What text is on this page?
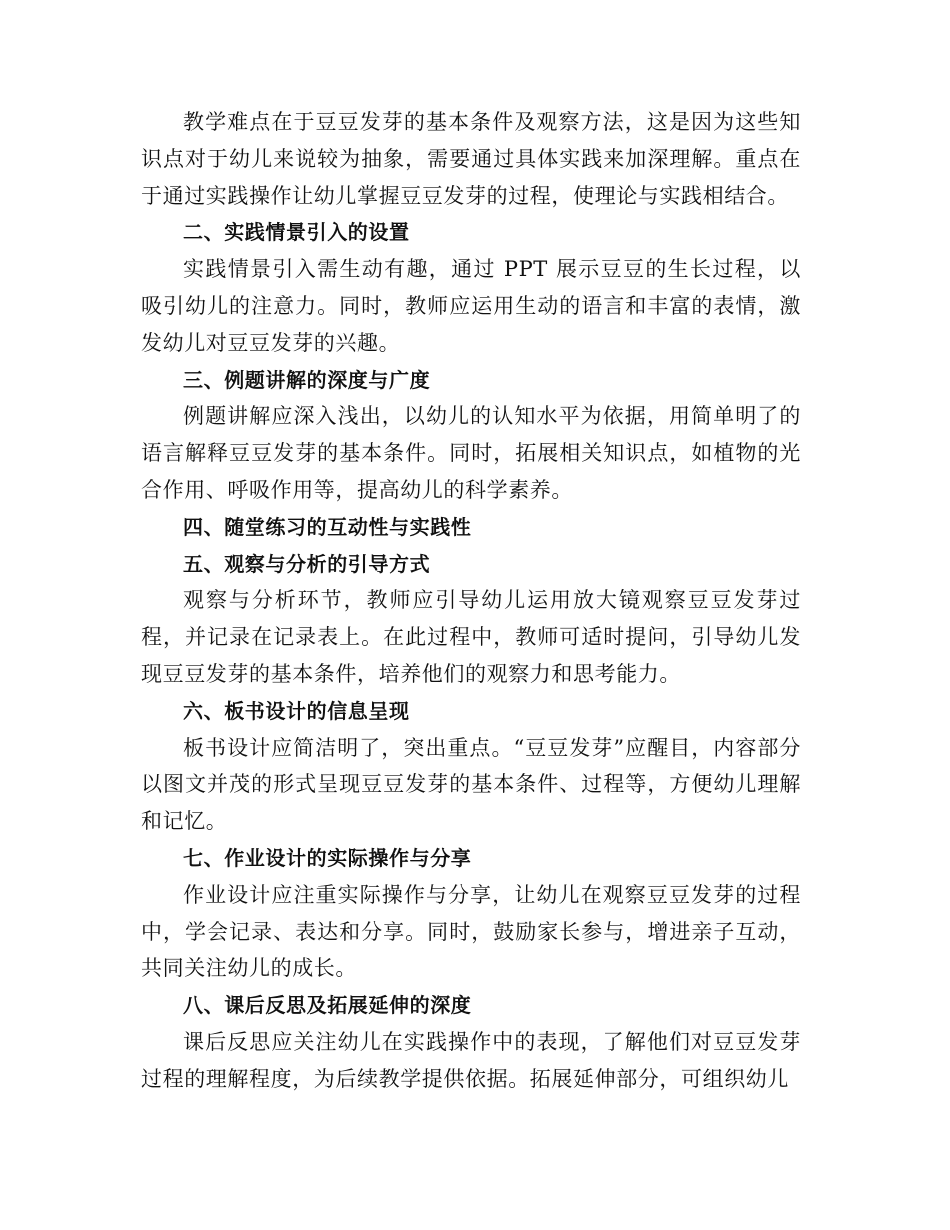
教学难点在于豆豆发芽的基本条件及观察方法，这是因为这些知识点对于幼儿来说较为抽象，需要通过具体实践来加深理解。重点在于通过实践操作让幼儿掌握豆豆发芽的过程，使理论与实践相结合。

二、实践情景引入的设置

实践情景引入需生动有趣，通过 PPT 展示豆豆的生长过程，以吸引幼儿的注意力。同时，教师应运用生动的语言和丰富的表情，激发幼儿对豆豆发芽的兴趣。

三、例题讲解的深度与广度

例题讲解应深入浅出，以幼儿的认知水平为依据，用简单明了的语言解释豆豆发芽的基本条件。同时，拓展相关知识点，如植物的光合作用、呼吸作用等，提高幼儿的科学素养。

四、随堂练习的互动性与实践性

五、观察与分析的引导方式

观察与分析环节，教师应引导幼儿运用放大镜观察豆豆发芽过程，并记录在记录表上。在此过程中，教师可适时提问，引导幼儿发现豆豆发芽的基本条件，培养他们的观察力和思考能力。

六、板书设计的信息呈现

板书设计应简洁明了，突出重点。“豆豆发芽”应醒目，内容部分以图文并茂的形式呈现豆豆发芽的基本条件、过程等，方便幼儿理解和记忆。

七、作业设计的实际操作与分享

作业设计应注重实际操作与分享，让幼儿在观察豆豆发芽的过程中，学会记录、表达和分享。同时，鼓励家长参与，增进亲子互动，共同关注幼儿的成长。

八、课后反思及拓展延伸的深度

课后反思应关注幼儿在实践操作中的表现，了解他们对豆豆发芽过程的理解程度，为后续教学提供依据。拓展延伸部分，可组织幼儿
